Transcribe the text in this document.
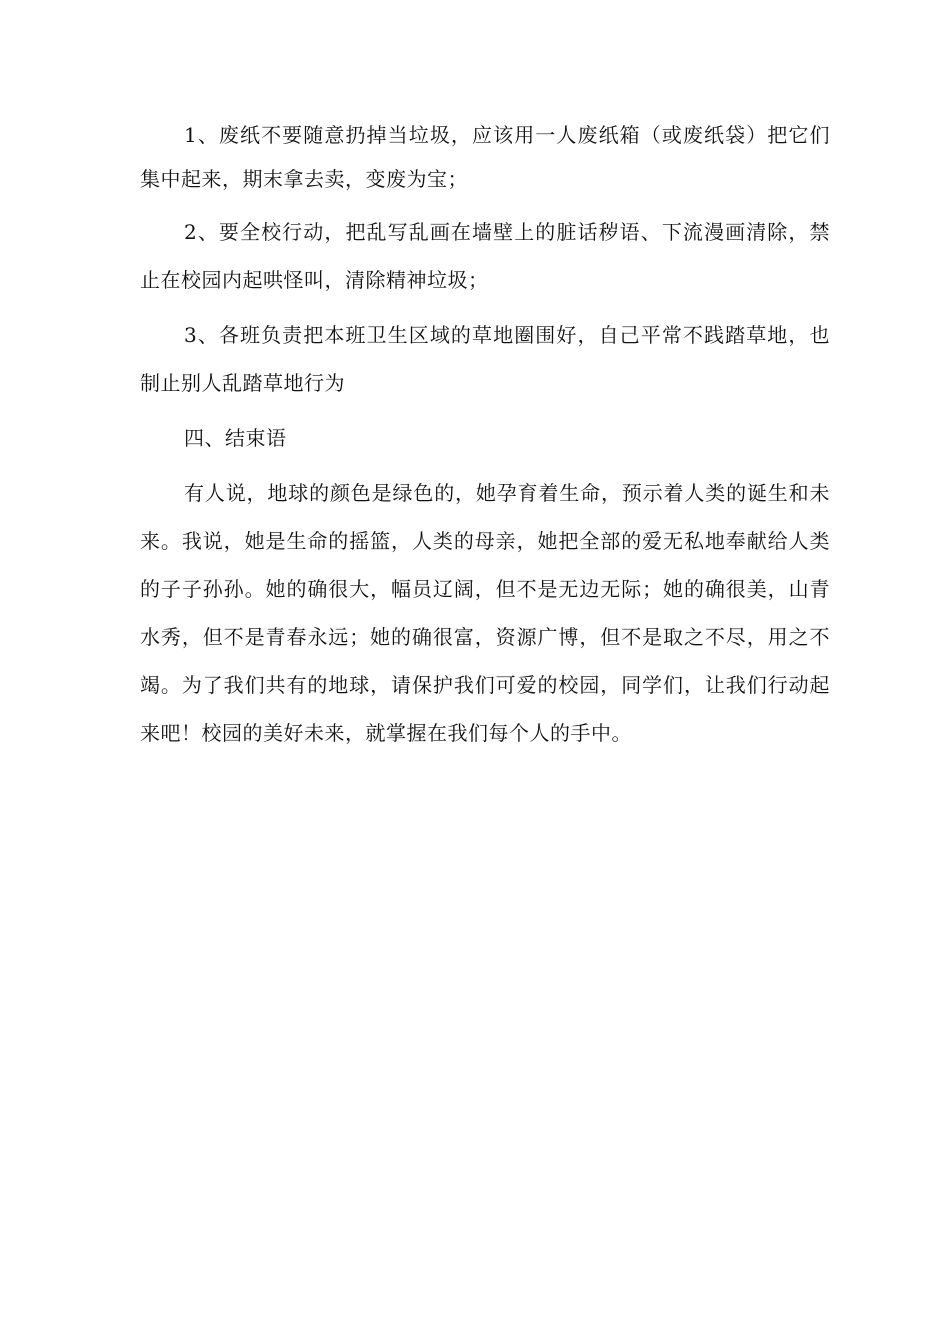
1、废纸不要随意扔掉当垃圾，应该用一人废纸箱（或废纸袋）把它们集中起来，期末拿去卖，变废为宝；

2、要全校行动，把乱写乱画在墙壁上的脏话秽语、下流漫画清除，禁止在校园内起哄怪叫，清除精神垃圾；

3、各班负责把本班卫生区域的草地圈围好，自己平常不践踏草地，也制止别人乱踏草地行为

四、结束语

有人说，地球的颜色是绿色的，她孕育着生命，预示着人类的诞生和未来。我说，她是生命的摇篮，人类的母亲，她把全部的爱无私地奉献给人类的子子孙孙。她的确很大，幅员辽阔，但不是无边无际；她的确很美，山青水秀，但不是青春永远；她的确很富，资源广博，但不是取之不尽，用之不竭。为了我们共有的地球，请保护我们可爱的校园，同学们，让我们行动起来吧！校园的美好未来，就掌握在我们每个人的手中。
